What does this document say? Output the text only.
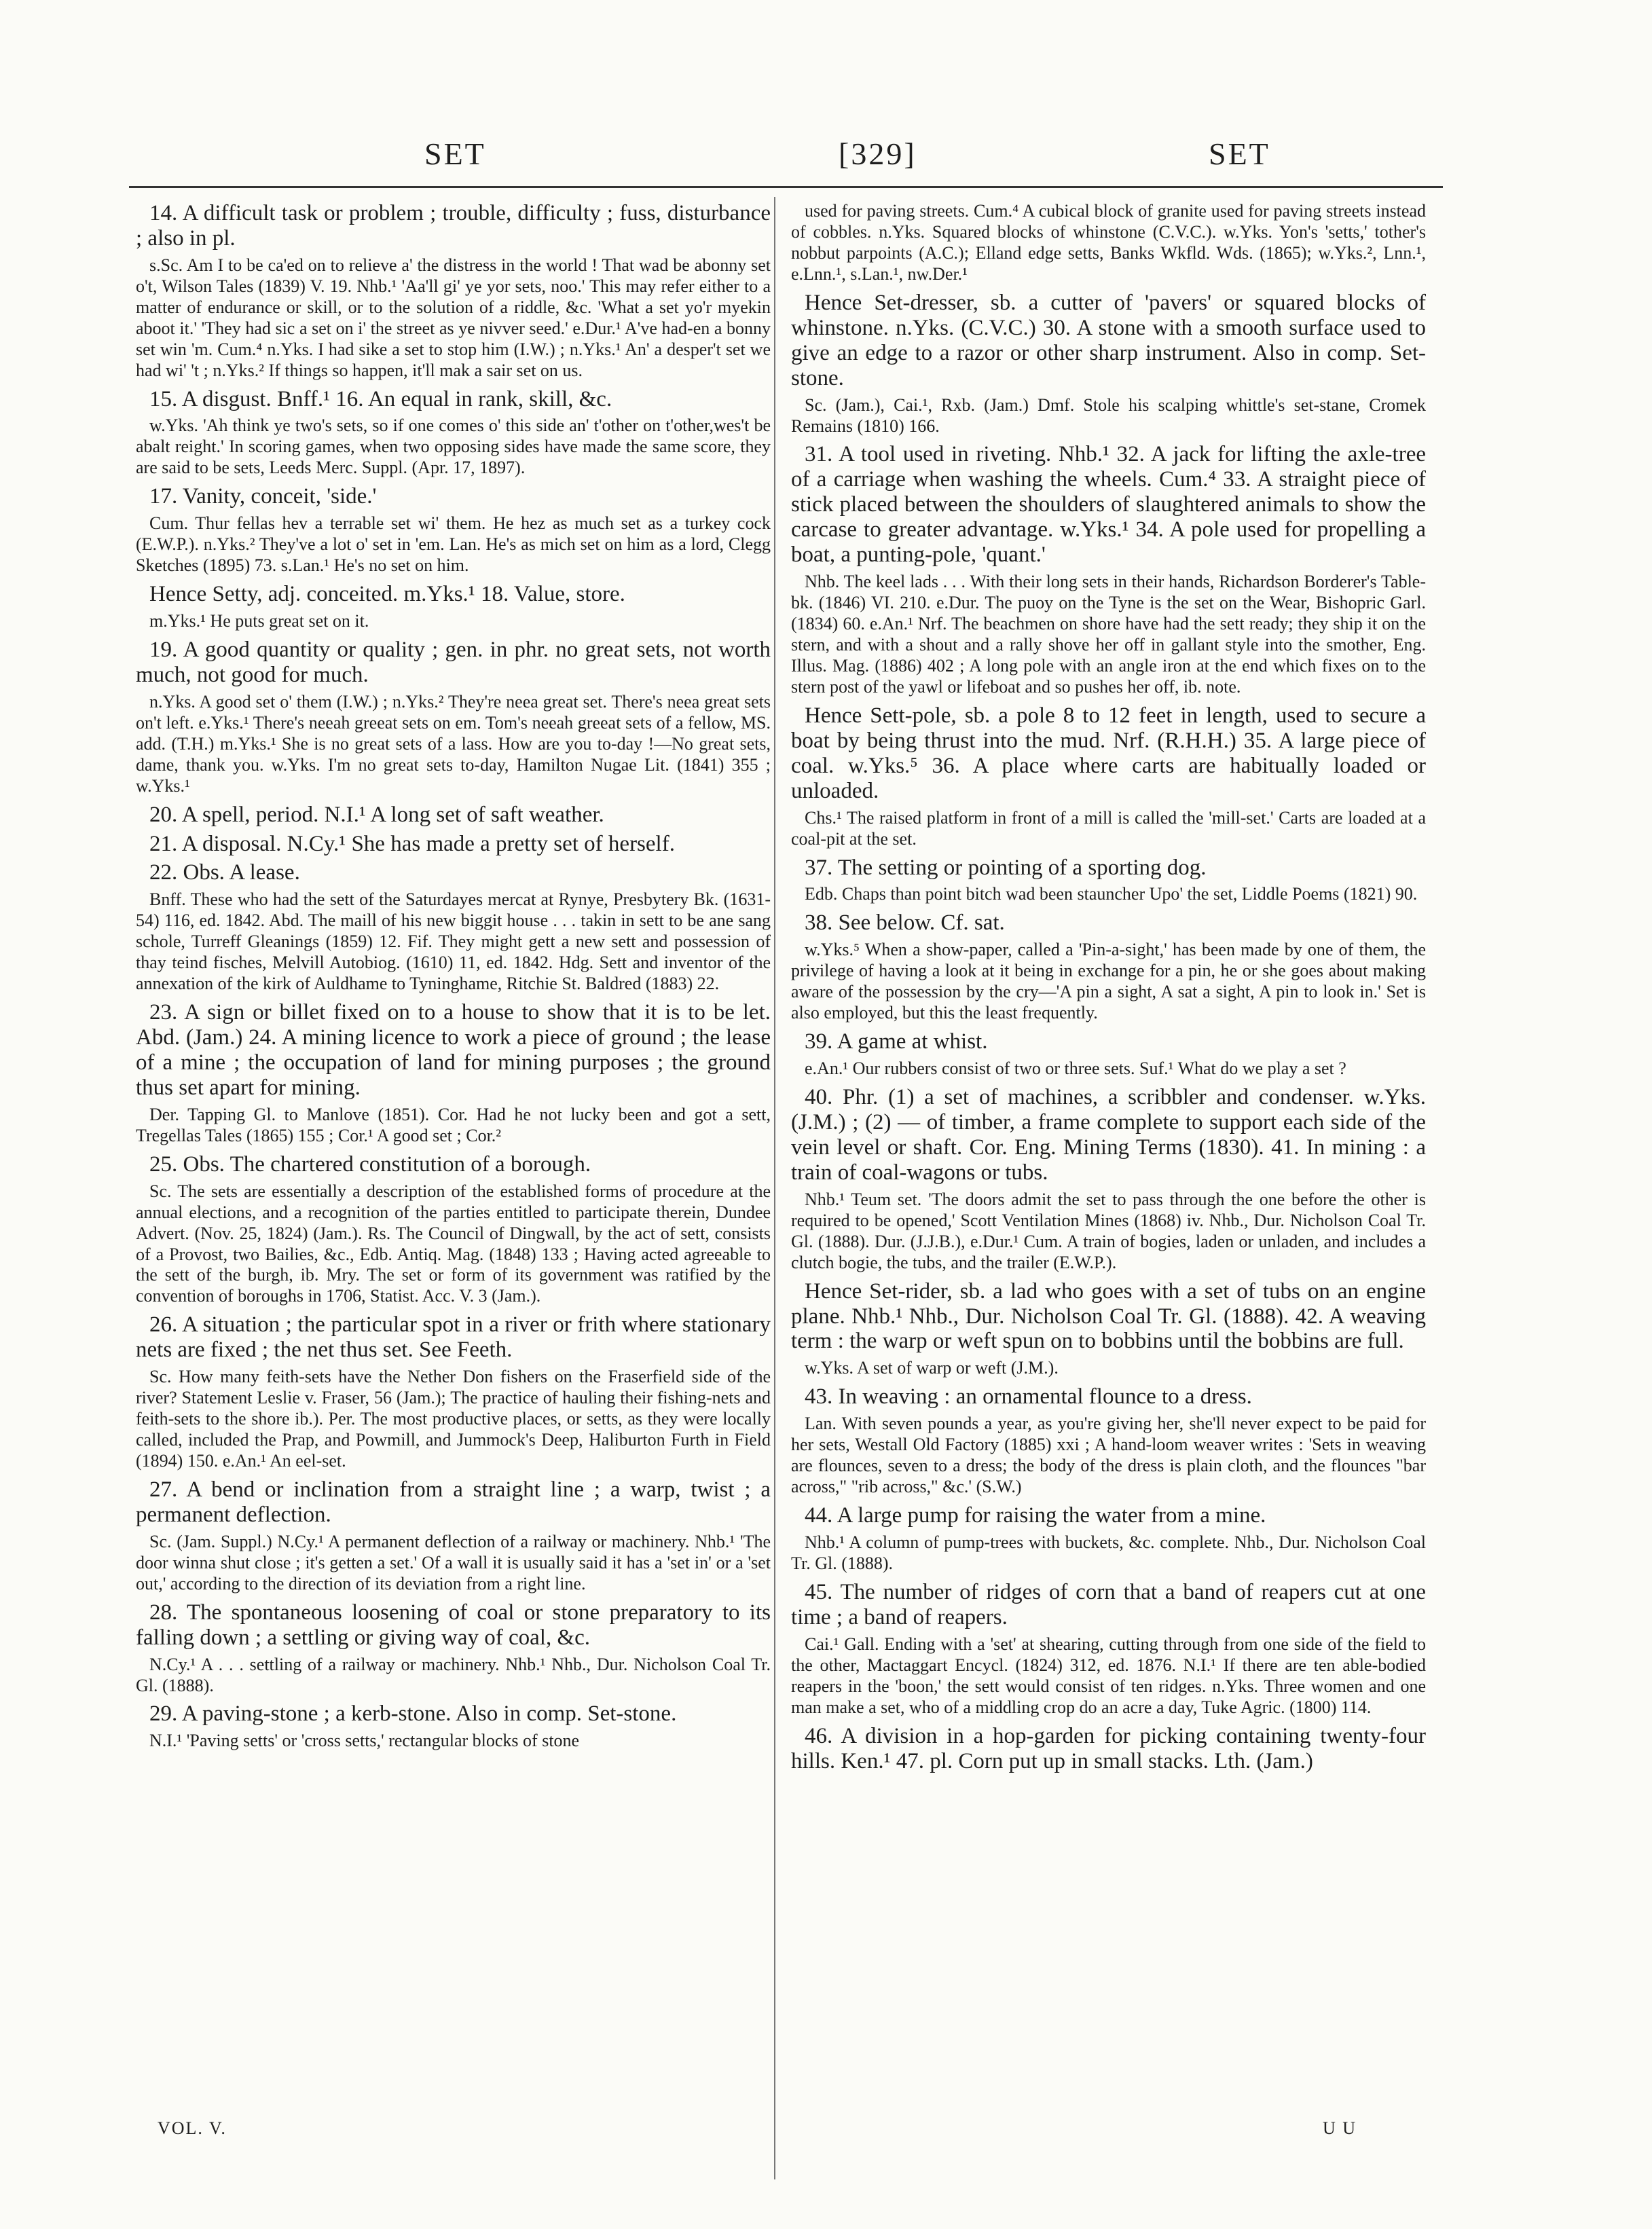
SET	[329]	SET

14. A difficult task or problem ; trouble, difficulty ; fuss, disturbance ; also in pl.

s.Sc. Am I to be ca'ed on to relieve a' the distress in the world ! That wad be abonny set o't, Wilson Tales (1839) V. 19. Nhb.¹ 'Aa'll gi' ye yor sets, noo.' This may refer either to a matter of endurance or skill, or to the solution of a riddle, &c. 'What a set yo'r myekin aboot it.' 'They had sic a set on i' the street as ye nivver seed.' e.Dur.¹ A've had-en a bonny set win 'm. Cum.⁴ n.Yks. I had sike a set to stop him (I.W.) ; n.Yks.¹ An' a desper't set we had wi' 't ; n.Yks.² If things so happen, it'll mak a sair set on us.

15. A disgust. Bnff.¹ 16. An equal in rank, skill, &c.

w.Yks. 'Ah think ye two's sets, so if one comes o' this side an' t'other on t'other,wes't be abalt reight.' In scoring games, when two opposing sides have made the same score, they are said to be sets, Leeds Merc. Suppl. (Apr. 17, 1897).

17. Vanity, conceit, 'side.'

Cum. Thur fellas hev a terrable set wi' them. He hez as much set as a turkey cock (E.W.P.). n.Yks.² They've a lot o' set in 'em. Lan. He's as mich set on him as a lord, Clegg Sketches (1895) 73. s.Lan.¹ He's no set on him.

Hence Setty, adj. conceited. m.Yks.¹ 18. Value, store.

m.Yks.¹ He puts great set on it.

19. A good quantity or quality ; gen. in phr. no great sets, not worth much, not good for much.

n.Yks. A good set o' them (I.W.) ; n.Yks.² They're neea great set. There's neea great sets on't left. e.Yks.¹ There's neeah greeat sets on em. Tom's neeah greeat sets of a fellow, MS. add. (T.H.) m.Yks.¹ She is no great sets of a lass. How are you to-day !—No great sets, dame, thank you. w.Yks. I'm no great sets to-day, Hamilton Nugae Lit. (1841) 355 ; w.Yks.¹

20. A spell, period. N.I.¹ A long set of saft weather.

21. A disposal. N.Cy.¹ She has made a pretty set of herself.

22. Obs. A lease.

Bnff. These who had the sett of the Saturdayes mercat at Rynye, Presbytery Bk. (1631-54) 116, ed. 1842. Abd. The maill of his new biggit house . . . takin in sett to be ane sang schole, Turreff Gleanings (1859) 12. Fif. They might gett a new sett and possession of thay teind fisches, Melvill Autobiog. (1610) 11, ed. 1842. Hdg. Sett and inventor of the annexation of the kirk of Auldhame to Tyninghame, Ritchie St. Baldred (1883) 22.

23. A sign or billet fixed on to a house to show that it is to be let. Abd. (Jam.) 24. A mining licence to work a piece of ground ; the lease of a mine ; the occupation of land for mining purposes ; the ground thus set apart for mining.

Der. Tapping Gl. to Manlove (1851). Cor. Had he not lucky been and got a sett, Tregellas Tales (1865) 155 ; Cor.¹ A good set ; Cor.²

25. Obs. The chartered constitution of a borough.

Sc. The sets are essentially a description of the established forms of procedure at the annual elections, and a recognition of the parties entitled to participate therein, Dundee Advert. (Nov. 25, 1824) (Jam.). Rs. The Council of Dingwall, by the act of sett, consists of a Provost, two Bailies, &c., Edb. Antiq. Mag. (1848) 133 ; Having acted agreeable to the sett of the burgh, ib. Mry. The set or form of its government was ratified by the convention of boroughs in 1706, Statist. Acc. V. 3 (Jam.).

26. A situation ; the particular spot in a river or frith where stationary nets are fixed ; the net thus set. See Feeth.

Sc. How many feith-sets have the Nether Don fishers on the Fraserfield side of the river? Statement Leslie v. Fraser, 56 (Jam.); The practice of hauling their fishing-nets and feith-sets to the shore ib.). Per. The most productive places, or setts, as they were locally called, included the Prap, and Powmill, and Jummock's Deep, Haliburton Furth in Field (1894) 150. e.An.¹ An eel-set.

27. A bend or inclination from a straight line ; a warp, twist ; a permanent deflection.

Sc. (Jam. Suppl.) N.Cy.¹ A permanent deflection of a railway or machinery. Nhb.¹ 'The door winna shut close ; it's getten a set.' Of a wall it is usually said it has a 'set in' or a 'set out,' according to the direction of its deviation from a right line.

28. The spontaneous loosening of coal or stone preparatory to its falling down ; a settling or giving way of coal, &c.

N.Cy.¹ A . . . settling of a railway or machinery. Nhb.¹ Nhb., Dur. Nicholson Coal Tr. Gl. (1888).

29. A paving-stone ; a kerb-stone. Also in comp. Set-stone.

N.I.¹ 'Paving setts' or 'cross setts,' rectangular blocks of stone

used for paving streets. Cum.⁴ A cubical block of granite used for paving streets instead of cobbles. n.Yks. Squared blocks of whinstone (C.V.C.). w.Yks. Yon's 'setts,' tother's nobbut parpoints (A.C.); Elland edge setts, Banks Wkfld. Wds. (1865); w.Yks.², Lnn.¹, e.Lnn.¹, s.Lan.¹, nw.Der.¹

Hence Set-dresser, sb. a cutter of 'pavers' or squared blocks of whinstone. n.Yks. (C.V.C.) 30. A stone with a smooth surface used to give an edge to a razor or other sharp instrument. Also in comp. Set-stone.

Sc. (Jam.), Cai.¹, Rxb. (Jam.) Dmf. Stole his scalping whittle's set-stane, Cromek Remains (1810) 166.

31. A tool used in riveting. Nhb.¹ 32. A jack for lifting the axle-tree of a carriage when washing the wheels. Cum.⁴ 33. A straight piece of stick placed between the shoulders of slaughtered animals to show the carcase to greater advantage. w.Yks.¹ 34. A pole used for propelling a boat, a punting-pole, 'quant.'

Nhb. The keel lads . . . With their long sets in their hands, Richardson Borderer's Table-bk. (1846) VI. 210. e.Dur. The puoy on the Tyne is the set on the Wear, Bishopric Garl. (1834) 60. e.An.¹ Nrf. The beachmen on shore have had the sett ready; they ship it on the stern, and with a shout and a rally shove her off in gallant style into the smother, Eng. Illus. Mag. (1886) 402 ; A long pole with an angle iron at the end which fixes on to the stern post of the yawl or lifeboat and so pushes her off, ib. note.

Hence Sett-pole, sb. a pole 8 to 12 feet in length, used to secure a boat by being thrust into the mud. Nrf. (R.H.H.) 35. A large piece of coal. w.Yks.⁵ 36. A place where carts are habitually loaded or unloaded.

Chs.¹ The raised platform in front of a mill is called the 'mill-set.' Carts are loaded at a coal-pit at the set.

37. The setting or pointing of a sporting dog.

Edb. Chaps than point bitch wad been stauncher Upo' the set, Liddle Poems (1821) 90.

38. See below. Cf. sat.

w.Yks.⁵ When a show-paper, called a 'Pin-a-sight,' has been made by one of them, the privilege of having a look at it being in exchange for a pin, he or she goes about making aware of the possession by the cry—'A pin a sight, A sat a sight, A pin to look in.' Set is also employed, but this the least frequently.

39. A game at whist.

e.An.¹ Our rubbers consist of two or three sets. Suf.¹ What do we play a set ?

40. Phr. (1) a set of machines, a scribbler and condenser. w.Yks. (J.M.) ; (2) — of timber, a frame complete to support each side of the vein level or shaft. Cor. Eng. Mining Terms (1830). 41. In mining : a train of coal-wagons or tubs.

Nhb.¹ Teum set. 'The doors admit the set to pass through the one before the other is required to be opened,' Scott Ventilation Mines (1868) iv. Nhb., Dur. Nicholson Coal Tr. Gl. (1888). Dur. (J.J.B.), e.Dur.¹ Cum. A train of bogies, laden or unladen, and includes a clutch bogie, the tubs, and the trailer (E.W.P.).

Hence Set-rider, sb. a lad who goes with a set of tubs on an engine plane. Nhb.¹ Nhb., Dur. Nicholson Coal Tr. Gl. (1888). 42. A weaving term : the warp or weft spun on to bobbins until the bobbins are full.

w.Yks. A set of warp or weft (J.M.).

43. In weaving : an ornamental flounce to a dress.

Lan. With seven pounds a year, as you're giving her, she'll never expect to be paid for her sets, Westall Old Factory (1885) xxi ; A hand-loom weaver writes : 'Sets in weaving are flounces, seven to a dress; the body of the dress is plain cloth, and the flounces "bar across," "rib across," &c.' (S.W.)

44. A large pump for raising the water from a mine.

Nhb.¹ A column of pump-trees with buckets, &c. complete. Nhb., Dur. Nicholson Coal Tr. Gl. (1888).

45. The number of ridges of corn that a band of reapers cut at one time ; a band of reapers.

Cai.¹ Gall. Ending with a 'set' at shearing, cutting through from one side of the field to the other, Mactaggart Encycl. (1824) 312, ed. 1876. N.I.¹ If there are ten able-bodied reapers in the 'boon,' the sett would consist of ten ridges. n.Yks. Three women and one man make a set, who of a middling crop do an acre a day, Tuke Agric. (1800) 114.

46. A division in a hop-garden for picking containing twenty-four hills. Ken.¹ 47. pl. Corn put up in small stacks. Lth. (Jam.)

VOL. V.	U U
